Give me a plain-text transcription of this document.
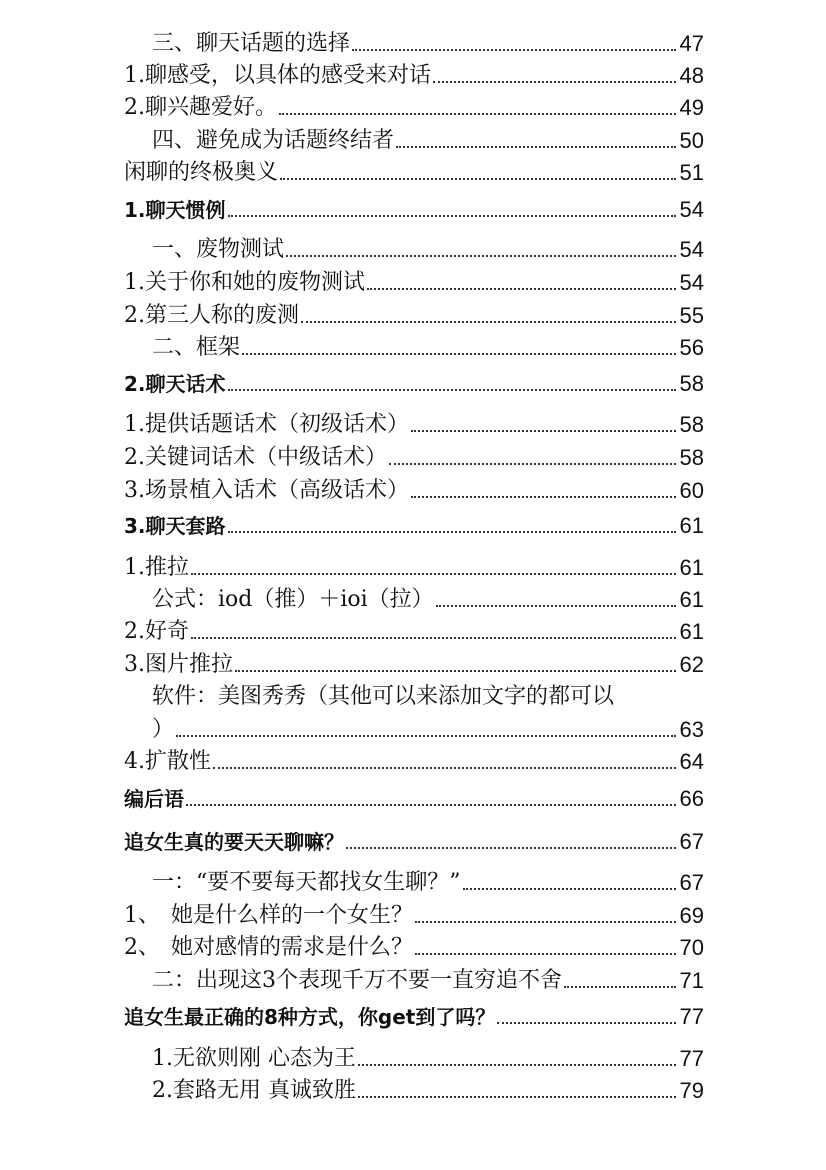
三、聊天话题的选择	47
1.聊感受，以具体的感受来对话	48
2.聊兴趣爱好。	49
四、避免成为话题终结者	50
闲聊的终极奥义	51
1.聊天惯例	54
一、废物测试	54
1.关于你和她的废物测试	54
2.第三人称的废测	55
二、框架	56
2.聊天话术	58
1.提供话题话术（初级话术）	58
2.关键词话术（中级话术）	58
3.场景植入话术（高级话术）	60
3.聊天套路	61
1.推拉	61
公式：iod（推）＋ioi（拉）	61
2.好奇	61
3.图片推拉	62
软件：美图秀秀（其他可以来添加文字的都可以
）	63
4.扩散性	64
编后语	66
追女生真的要天天聊嘛？	67
一：“要不要每天都找女生聊？”	67
1、　她是什么样的一个女生？	69
2、　她对感情的需求是什么？	70
二：出现这3个表现千万不要一直穷追不舍	71
追女生最正确的8种方式，你get到了吗？	77
1.无欲则刚 心态为王	77
2.套路无用 真诚致胜	79
